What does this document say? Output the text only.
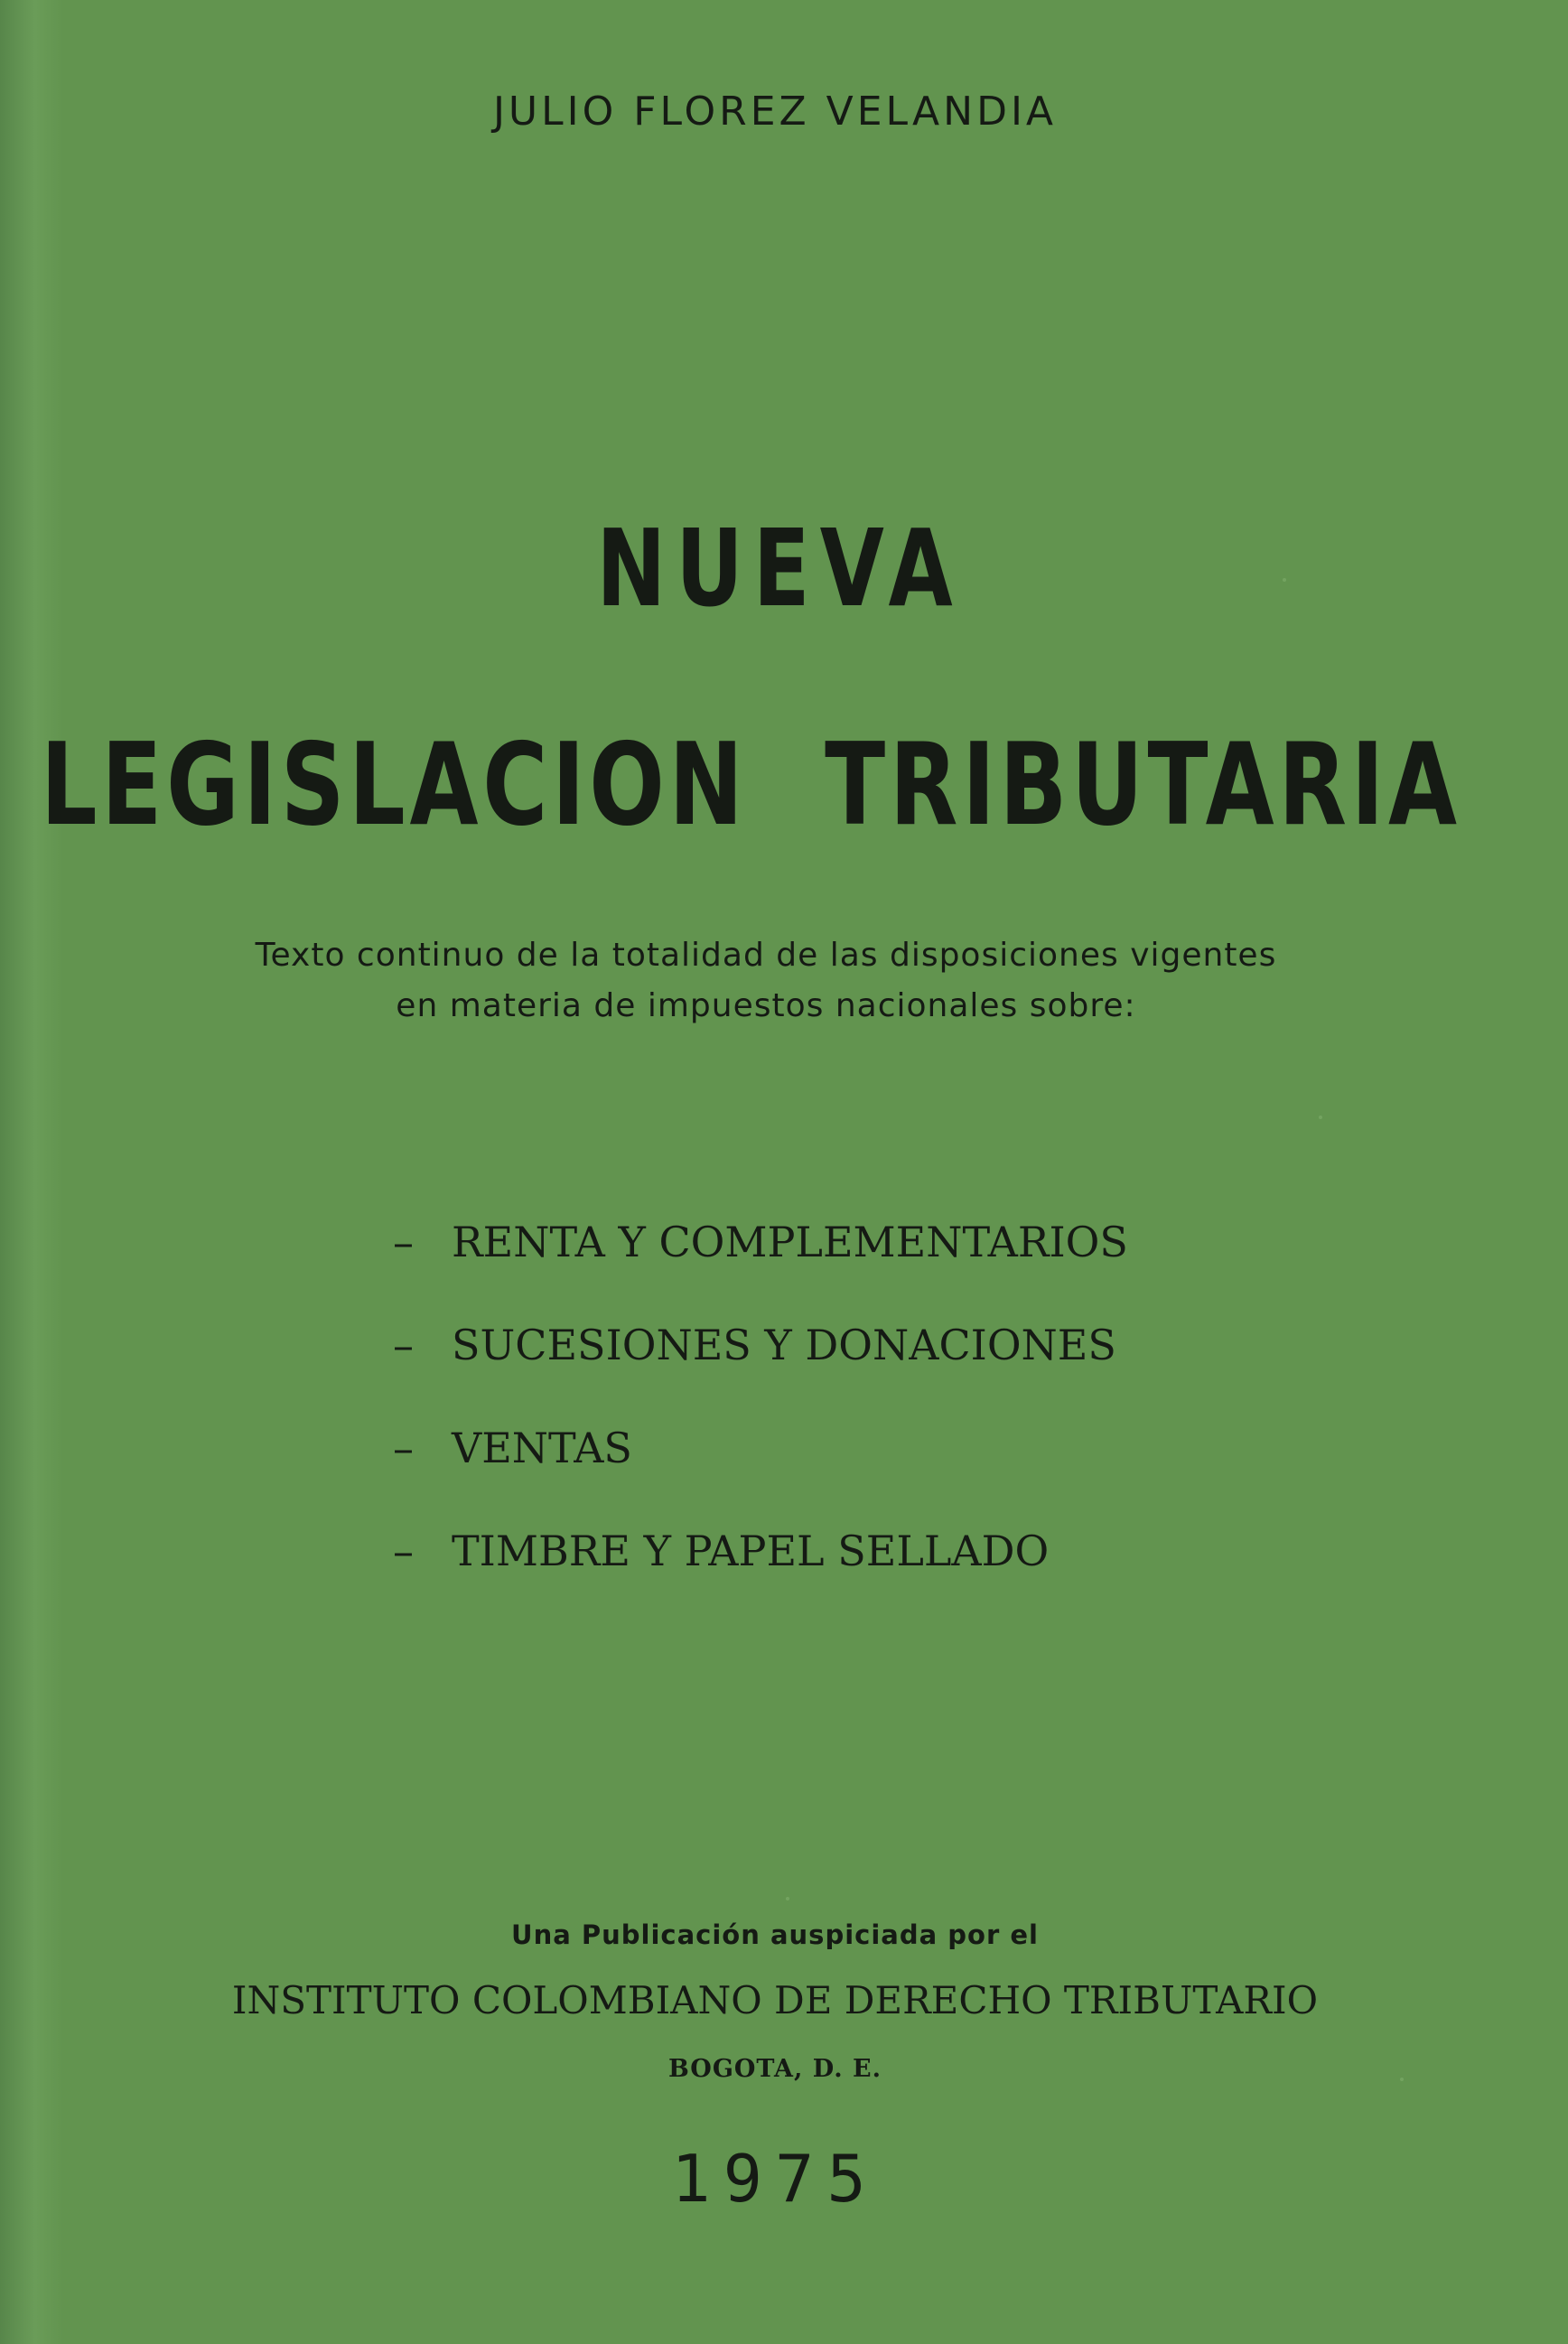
JULIO FLOREZ VELANDIA
NUEVA
LEGISLACION TRIBUTARIA
Texto continuo de la totalidad de las disposiciones vigentes
en materia de impuestos nacionales sobre:
– RENTA Y COMPLEMENTARIOS
– SUCESIONES Y DONACIONES
– VENTAS
– TIMBRE Y PAPEL SELLADO
Una Publicación auspiciada por el
INSTITUTO COLOMBIANO DE DERECHO TRIBUTARIO
BOGOTA, D. E.
1975
